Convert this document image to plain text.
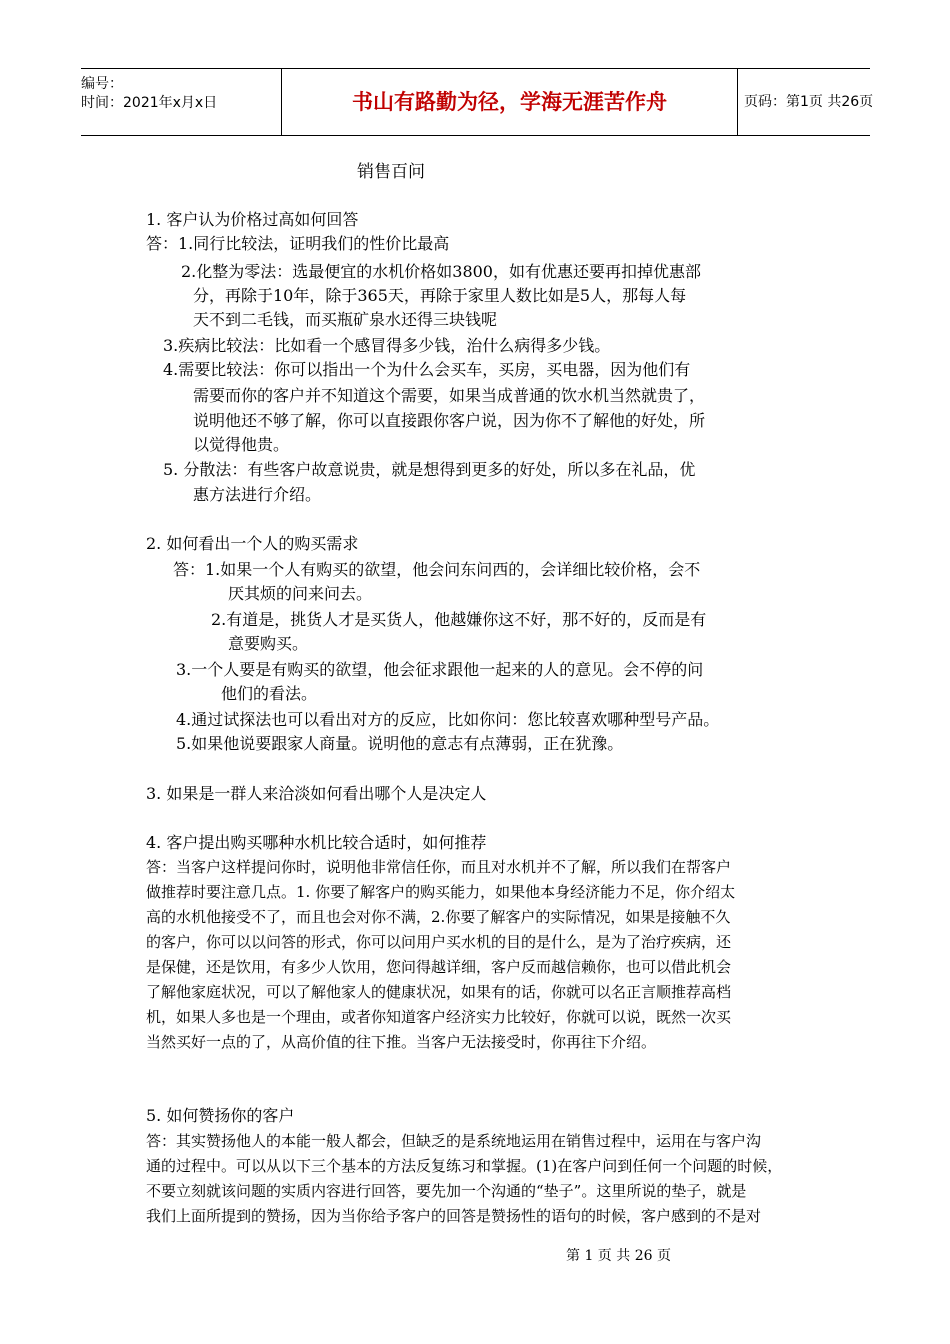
编号：
时间：2021年x月x日	书山有路勤为径，学海无涯苦作舟	页码：第1页 共26页
销售百问
1. 客户认为价格过高如何回答
答：1.同行比较法，证明我们的性价比最高
2.化整为零法：选最便宜的水机价格如3800，如有优惠还要再扣掉优惠部
分，再除于10年，除于365天，再除于家里人数比如是5人，那每人每
天不到二毛钱，而买瓶矿泉水还得三块钱呢
3.疾病比较法：比如看一个感冒得多少钱，治什么病得多少钱。
4.需要比较法：你可以指出一个为什么会买车，买房，买电器，因为他们有
需要而你的客户并不知道这个需要，如果当成普通的饮水机当然就贵了，
说明他还不够了解，你可以直接跟你客户说，因为你不了解他的好处，所
以觉得他贵。
5. 分散法：有些客户故意说贵，就是想得到更多的好处，所以多在礼品，优
惠方法进行介绍。
2. 如何看出一个人的购买需求
答：1.如果一个人有购买的欲望，他会问东问西的，会详细比较价格，会不
厌其烦的问来问去。
2.有道是，挑货人才是买货人，他越嫌你这不好，那不好的，反而是有
意要购买。
3.一个人要是有购买的欲望，他会征求跟他一起来的人的意见。会不停的问
他们的看法。
4.通过试探法也可以看出对方的反应，比如你问：您比较喜欢哪种型号产品。
5.如果他说要跟家人商量。说明他的意志有点薄弱，正在犹豫。
3. 如果是一群人来洽淡如何看出哪个人是决定人
4. 客户提出购买哪种水机比较合适时，如何推荐
答：当客户这样提问你时，说明他非常信任你，而且对水机并不了解，所以我们在帮客户
做推荐时要注意几点。1. 你要了解客户的购买能力，如果他本身经济能力不足，你介绍太
高的水机他接受不了，而且也会对你不满，2.你要了解客户的实际情况，如果是接触不久
的客户，你可以以问答的形式，你可以问用户买水机的目的是什么，是为了治疗疾病，还
是保健，还是饮用，有多少人饮用，您问得越详细，客户反而越信赖你，也可以借此机会
了解他家庭状况，可以了解他家人的健康状况，如果有的话，你就可以名正言顺推荐高档
机，如果人多也是一个理由，或者你知道客户经济实力比较好，你就可以说，既然一次买
当然买好一点的了，从高价值的往下推。当客户无法接受时，你再往下介绍。
5. 如何赞扬你的客户
答：其实赞扬他人的本能一般人都会，但缺乏的是系统地运用在销售过程中，运用在与客户沟
通的过程中。可以从以下三个基本的方法反复练习和掌握。(1)在客户问到任何一个问题的时候，
不要立刻就该问题的实质内容进行回答，要先加一个沟通的“垫子”。这里所说的垫子，就是
我们上面所提到的赞扬，因为当你给予客户的回答是赞扬性的语句的时候，客户感到的不是对
第 1 页 共 26 页
